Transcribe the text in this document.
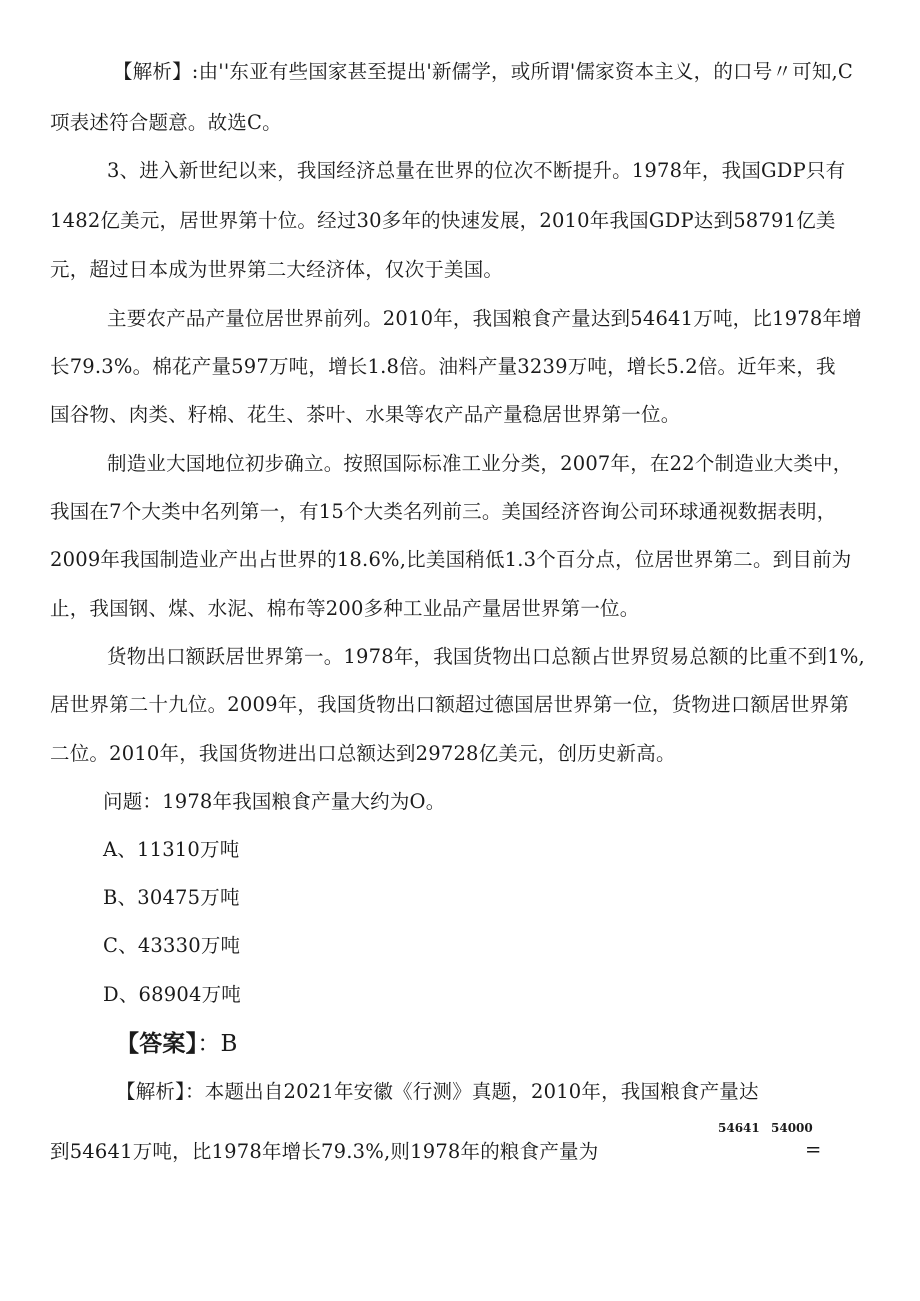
【解析】:由''东亚有些国家甚至提出'新儒学，或所谓'儒家资本主义，的口号〃可知,C
项表述符合题意。故选C。
3、进入新世纪以来，我国经济总量在世界的位次不断提升。1978年，我国GDP只有
1482亿美元，居世界第十位。经过30多年的快速发展，2010年我国GDP达到58791亿美
元，超过日本成为世界第二大经济体，仅次于美国。
主要农产品产量位居世界前列。2010年，我国粮食产量达到54641万吨，比1978年增
长79.3%。棉花产量597万吨，增长1.8倍。油料产量3239万吨，增长5.2倍。近年来，我
国谷物、肉类、籽棉、花生、茶叶、水果等农产品产量稳居世界第一位。
制造业大国地位初步确立。按照国际标准工业分类，2007年，在22个制造业大类中，
我国在7个大类中名列第一，有15个大类名列前三。美国经济咨询公司环球通视数据表明，
2009年我国制造业产出占世界的18.6%,比美国稍低1.3个百分点，位居世界第二。到目前为
止，我国钢、煤、水泥、棉布等200多种工业品产量居世界第一位。
货物出口额跃居世界第一。1978年，我国货物出口总额占世界贸易总额的比重不到1%,
居世界第二十九位。2009年，我国货物出口额超过德国居世界第一位，货物进口额居世界第
二位。2010年，我国货物进出口总额达到29728亿美元，创历史新高。
问题：1978年我国粮食产量大约为O。
A、11310万吨
B、30475万吨
C、43330万吨
D、68904万吨
【答案】：B
【解析】：本题出自2021年安徽《行测》真题，2010年，我国粮食产量达
到54641万吨，比1978年增长79.3%,则1978年的粮食产量为
54641 54000
=
